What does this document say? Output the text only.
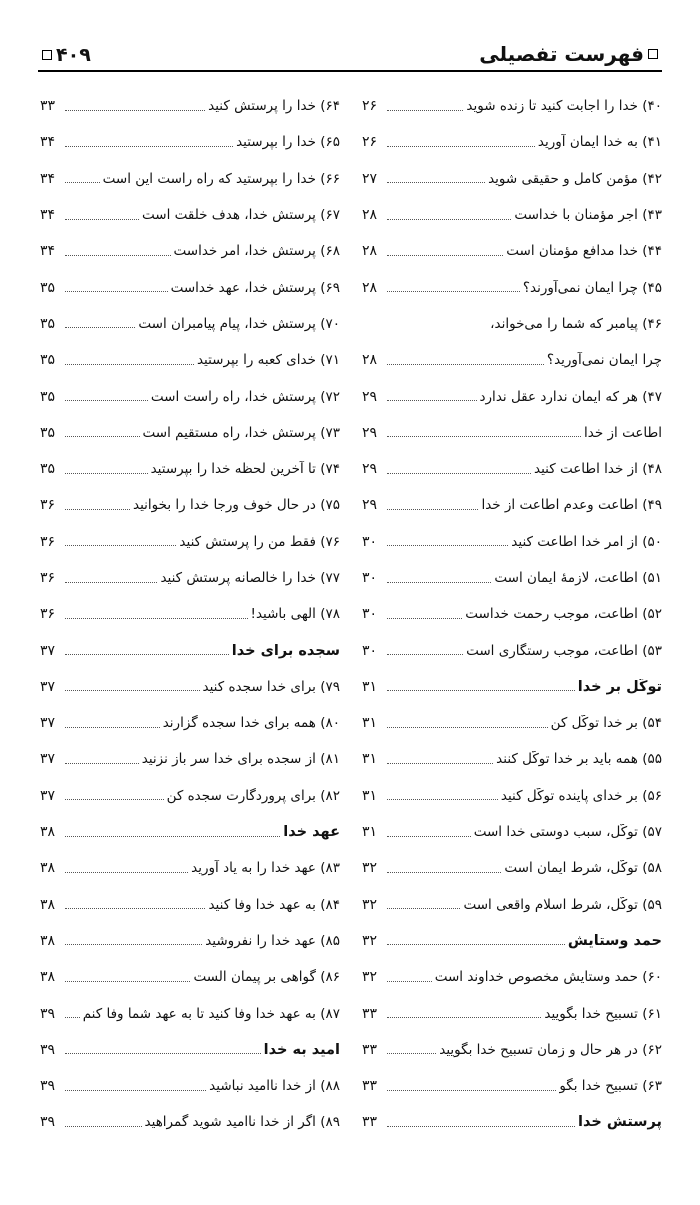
۴۰۹	فهرست تفصیلی
۴۰) خدا را اجابت کنید تا زنده شوید
۲۶
۴۱) به خدا ایمان آورید
۲۶
۴۲) مؤمن کامل و حقیقی شوید
۲۷
۴۳) اجر مؤمنان با خداست
۲۸
۴۴) خدا مدافع مؤمنان است
۲۸
۴۵) چرا ایمان نمی‌آورند؟
۲۸
۴۶) پیامبر که شما را می‌خواند،
چرا ایمان نمی‌آورید؟
۲۸
۴۷) هر که ایمان ندارد عقل ندارد
۲۹
اطاعت از خدا
۲۹
۴۸) از خدا اطاعت کنید
۲۹
۴۹) اطاعت وعدم اطاعت از خدا
۲۹
۵۰) از امر خدا اطاعت کنید
۳۰
۵۱) اطاعت، لازمهٔ ایمان است
۳۰
۵۲) اطاعت، موجب رحمت خداست
۳۰
۵۳) اطاعت، موجب رستگاری است
۳۰
توکّل بر خدا
۳۱
۵۴) بر خدا توکّل کن
۳۱
۵۵) همه باید بر خدا توکّل کنند
۳۱
۵۶) بر خدای پاینده توکّل کنید
۳۱
۵۷) توکّل، سبب دوستی خدا است
۳۱
۵۸) توکّل، شرط ایمان است
۳۲
۵۹) توکّل، شرط اسلام واقعی است
۳۲
حمد وستایش
۳۲
۶۰) حمد وستایش مخصوص خداوند است
۳۲
۶۱) تسبیح خدا بگویید
۳۳
۶۲) در هر حال و زمان تسبیح خدا بگویید
۳۳
۶۳) تسبیح خدا بگو
۳۳
پرستش خدا
۳۳
۶۴) خدا را پرستش کنید
۳۳
۶۵) خدا را بپرستید
۳۴
۶۶) خدا را بپرستید که راه راست این است
۳۴
۶۷) پرستش خدا، هدف خلقت است
۳۴
۶۸) پرستش خدا، امر خداست
۳۴
۶۹) پرستش خدا، عهد خداست
۳۵
۷۰) پرستش خدا، پیام پیامبران است
۳۵
۷۱) خدای کعبه را بپرستید
۳۵
۷۲) پرستش خدا، راه راست است
۳۵
۷۳) پرستش خدا، راه مستقیم است
۳۵
۷۴) تا آخرین لحظه خدا را بپرستید
۳۵
۷۵) در حال خوف ورجا خدا را بخوانید
۳۶
۷۶) فقط من را پرستش کنید
۳۶
۷۷) خدا را خالصانه پرستش کنید
۳۶
۷۸) الهی باشید!
۳۶
سجده برای خدا
۳۷
۷۹) برای خدا سجده کنید
۳۷
۸۰) همه برای خدا سجده گزارند
۳۷
۸۱) از سجده برای خدا سر باز نزنید
۳۷
۸۲) برای پروردگارت سجده کن
۳۷
عهد خدا
۳۸
۸۳) عهد خدا را به یاد آورید
۳۸
۸۴) به عهد خدا وفا کنید
۳۸
۸۵) عهد خدا را نفروشید
۳۸
۸۶) گواهی بر پیمان الست
۳۸
۸۷) به عهد خدا وفا کنید تا به عهد شما وفا کنم
۳۹
امید به خدا
۳۹
۸۸) از خدا ناامید نباشید
۳۹
۸۹) اگر از خدا ناامید شوید گمراهید
۳۹
